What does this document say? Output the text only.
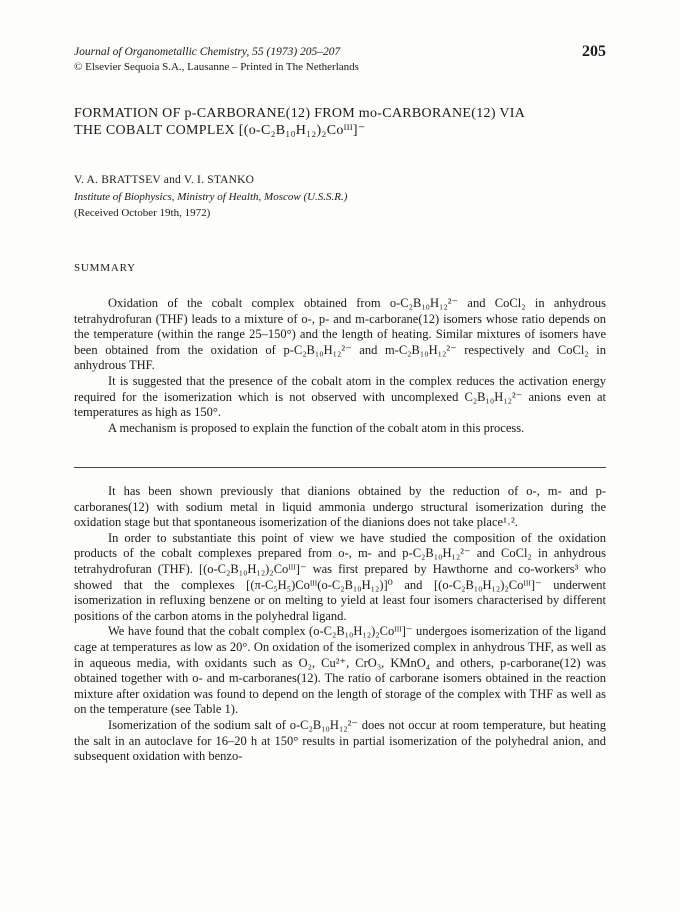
Journal of Organometallic Chemistry, 55 (1973) 205–207
© Elsevier Sequoia S.A., Lausanne – Printed in The Netherlands
205
FORMATION OF p-CARBORANE(12) FROM mo-CARBORANE(12) VIA
THE COBALT COMPLEX [(o-C₂B₁₀H₁₂)₂Coᴵᴵᴵ]⁻
V. A. BRATTSEV and V. I. STANKO
Institute of Biophysics, Ministry of Health, Moscow (U.S.S.R.)
(Received October 19th, 1972)
SUMMARY

Oxidation of the cobalt complex obtained from o-C₂B₁₀H₁₂²⁻ and CoCl₂ in anhydrous tetrahydrofuran (THF) leads to a mixture of o-, p- and m-carborane(12) isomers whose ratio depends on the temperature (within the range 25–150°) and the length of heating. Similar mixtures of isomers have been obtained from the oxidation of p-C₂B₁₀H₁₂²⁻ and m-C₂B₁₀H₁₂²⁻ respectively and CoCl₂ in anhydrous THF.

It is suggested that the presence of the cobalt atom in the complex reduces the activation energy required for the isomerization which is not observed with uncomplexed C₂B₁₀H₁₂²⁻ anions even at temperatures as high as 150°.

A mechanism is proposed to explain the function of the cobalt atom in this process.

It has been shown previously that dianions obtained by the reduction of o-, m- and p-carboranes(12) with sodium metal in liquid ammonia undergo structural isomerization during the oxidation stage but that spontaneous isomerization of the dianions does not take place¹˒².

In order to substantiate this point of view we have studied the composition of the oxidation products of the cobalt complexes prepared from o-, m- and p-C₂B₁₀H₁₂²⁻ and CoCl₂ in anhydrous tetrahydrofuran (THF). [(o-C₂B₁₀H₁₂)₂Coᴵᴵᴵ]⁻ was first prepared by Hawthorne and co-workers³ who showed that the complexes [(π-C₅H₅)Coᴵᴵᴵ(o-C₂B₁₀H₁₂)]⁰ and [(o-C₂B₁₀H₁₂)₂Coᴵᴵᴵ]⁻ underwent isomerization in refluxing benzene or on melting to yield at least four isomers characterised by different positions of the carbon atoms in the polyhedral ligand.

We have found that the cobalt complex (o-C₂B₁₀H₁₂)₂Coᴵᴵᴵ]⁻ undergoes isomerization of the ligand cage at temperatures as low as 20°. On oxidation of the isomerized complex in anhydrous THF, as well as in aqueous media, with oxidants such as O₂, Cu²⁺, CrO₃, KMnO₄ and others, p-carborane(12) was obtained together with o- and m-carboranes(12). The ratio of carborane isomers obtained in the reaction mixture after oxidation was found to depend on the length of storage of the complex with THF as well as on the temperature (see Table 1).

Isomerization of the sodium salt of o-C₂B₁₀H₁₂²⁻ does not occur at room temperature, but heating the salt in an autoclave for 16–20 h at 150° results in partial isomerization of the polyhedral anion, and subsequent oxidation with benzo-
